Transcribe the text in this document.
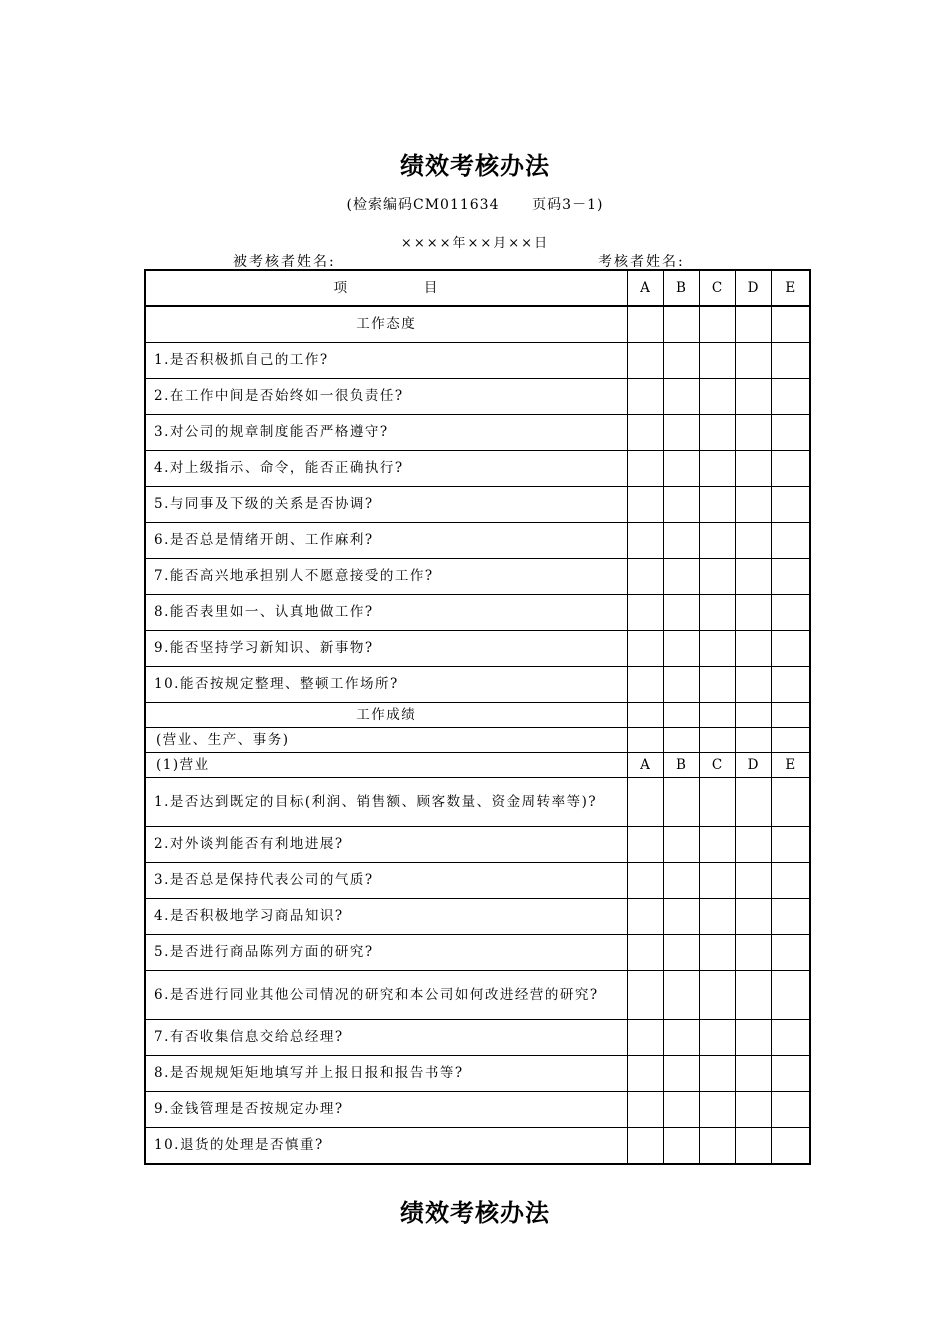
绩效考核办法
(检索编码CM011634      页码3－1)
××××年××月××日
被考核者姓名:	考核者姓名:
项             目	A	B	C	D	E
工作态度					
1.是否积极抓自己的工作?					
2.在工作中间是否始终如一很负责任?					
3.对公司的规章制度能否严格遵守?					
4.对上级指示、命令，能否正确执行?					
5.与同事及下级的关系是否协调?					
6.是否总是情绪开朗、工作麻利?					
7.能否高兴地承担别人不愿意接受的工作?					
8.能否表里如一、认真地做工作?					
9.能否坚持学习新知识、新事物?					
10.能否按规定整理、整顿工作场所?					
工作成绩					
(营业、生产、事务)					
(1)营业	A	B	C	D	E
1.是否达到既定的目标(利润、销售额、顾客数量、资金周转率等)?					
2.对外谈判能否有利地进展?					
3.是否总是保持代表公司的气质?					
4.是否积极地学习商品知识?					
5.是否进行商品陈列方面的研究?					
6.是否进行同业其他公司情况的研究和本公司如何改进经营的研究?					
7.有否收集信息交给总经理?					
8.是否规规矩矩地填写并上报日报和报告书等?					
9.金钱管理是否按规定办理?					
10.退货的处理是否慎重?					
绩效考核办法
